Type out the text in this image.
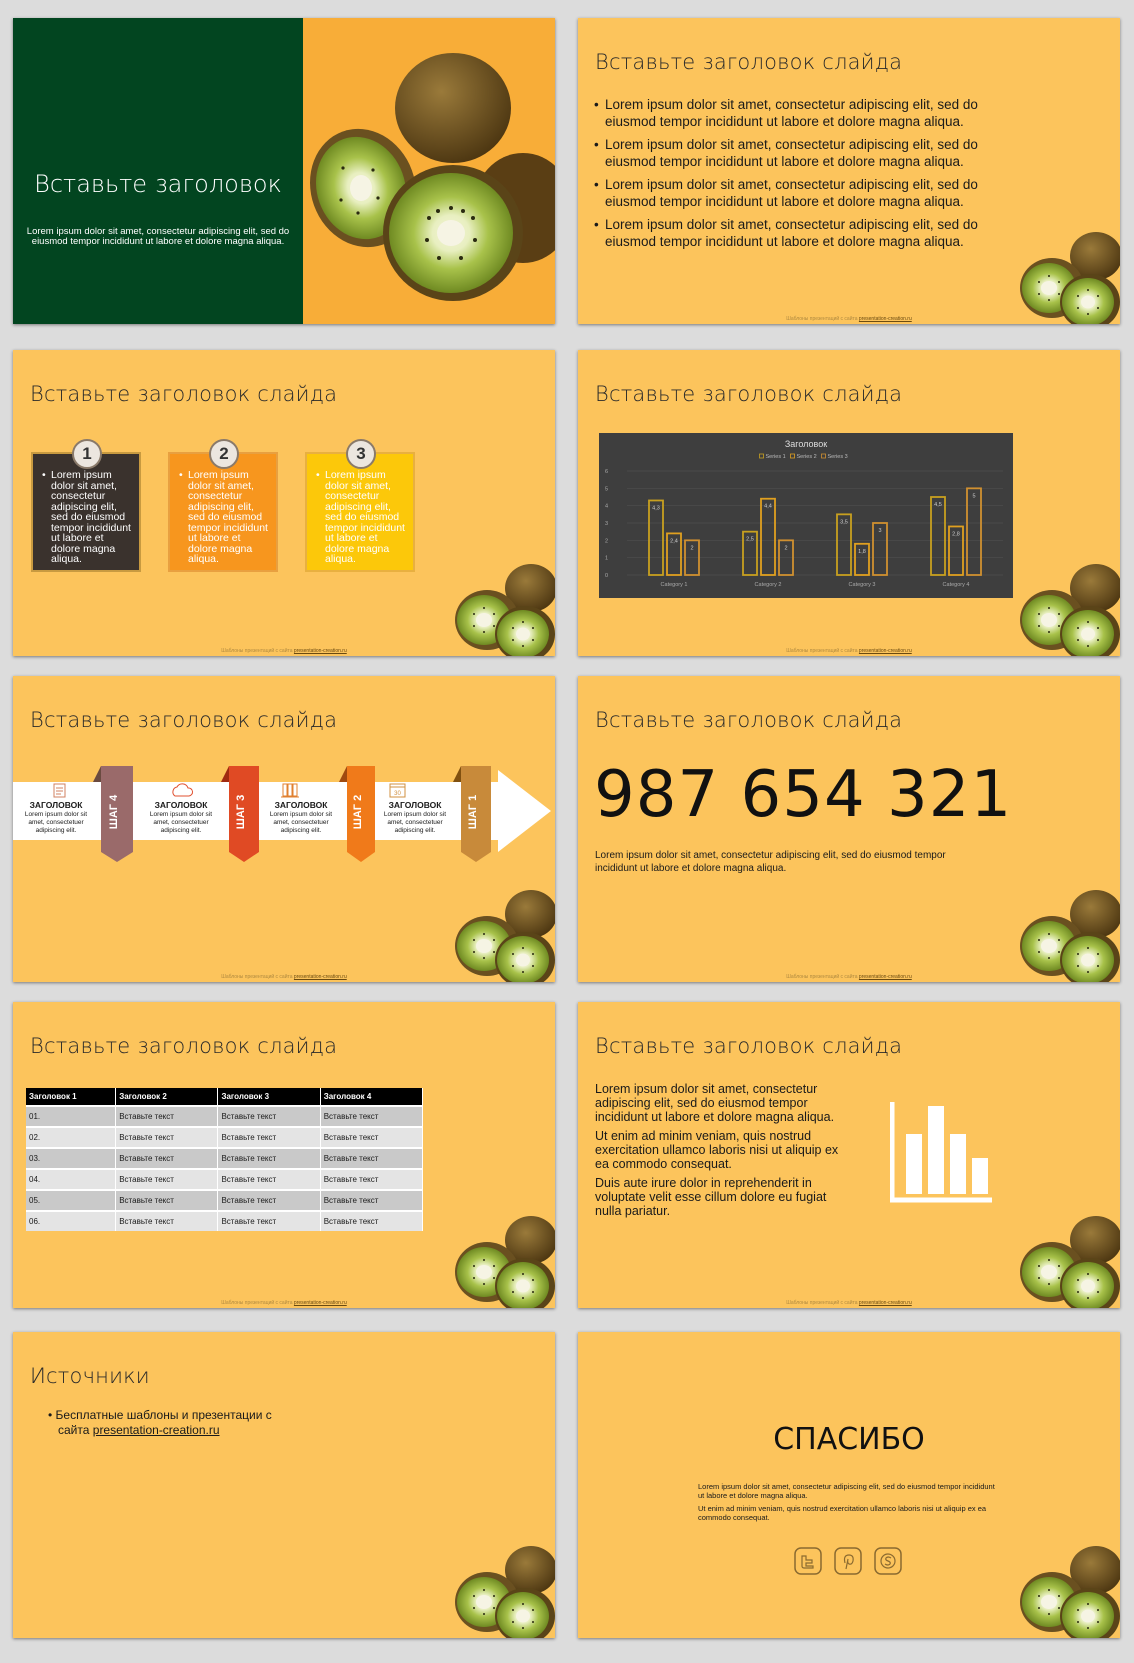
Вставьте заголовок
Lorem ipsum dolor sit amet, consectetur adipiscing elit, sed do eiusmod tempor incididunt ut labore et dolore magna aliqua.
Вставьте заголовок слайда
• Lorem ipsum dolor sit amet, consectetur adipiscing elit, sed do eiusmod tempor incididunt ut labore et dolore magna aliqua.
• Lorem ipsum dolor sit amet, consectetur adipiscing elit, sed do eiusmod tempor incididunt ut labore et dolore magna aliqua.
• Lorem ipsum dolor sit amet, consectetur adipiscing elit, sed do eiusmod tempor incididunt ut labore et dolore magna aliqua.
• Lorem ipsum dolor sit amet, consectetur adipiscing elit, sed do eiusmod tempor incididunt ut labore et dolore magna aliqua.
Шаблоны презентаций с сайта presentation-creation.ru
Вставьте заголовок слайда
1
• Lorem ipsum dolor sit amet, consectetur adipiscing elit, sed do eiusmod tempor incididunt ut labore et dolore magna aliqua.
2
• Lorem ipsum dolor sit amet, consectetur adipiscing elit, sed do eiusmod tempor incididunt ut labore et dolore magna aliqua.
3
• Lorem ipsum dolor sit amet, consectetur adipiscing elit, sed do eiusmod tempor incididunt ut labore et dolore magna aliqua.
Шаблоны презентаций с сайта presentation-creation.ru
Вставьте заголовок слайда
Заголовок
Series 1 Series 2 Series 3
0
1
2
3
4
5
6
4,3
2,4
2
2,5
4,4
2
3,5
1,8
3
4,5
2,8
5
Category 1	Category 2	Category 3	Category 4
Шаблоны презентаций с сайта presentation-creation.ru
Вставьте заголовок слайда
ШАГ 4	ШАГ 3	ШАГ 2	ШАГ 1
30
ЗАГОЛОВОК
Lorem ipsum dolor sit amet, consectetuer adipiscing elit.
ЗАГОЛОВОК
Lorem ipsum dolor sit amet, consectetuer adipiscing elit.
ЗАГОЛОВОК
Lorem ipsum dolor sit amet, consectetuer adipiscing elit.
ЗАГОЛОВОК
Lorem ipsum dolor sit amet, consectetuer adipiscing elit.
Шаблоны презентаций с сайта presentation-creation.ru
Вставьте заголовок слайда
987 654 321
Lorem ipsum dolor sit amet, consectetur adipiscing elit, sed do eiusmod tempor incididunt ut labore et dolore magna aliqua.
Шаблоны презентаций с сайта presentation-creation.ru
Вставьте заголовок слайда
Заголовок 1	Заголовок 2	Заголовок 3	Заголовок 4
01.	Вставьте текст	Вставьте текст	Вставьте текст
02.	Вставьте текст	Вставьте текст	Вставьте текст
03.	Вставьте текст	Вставьте текст	Вставьте текст
04.	Вставьте текст	Вставьте текст	Вставьте текст
05.	Вставьте текст	Вставьте текст	Вставьте текст
06.	Вставьте текст	Вставьте текст	Вставьте текст
Шаблоны презентаций с сайта presentation-creation.ru
Вставьте заголовок слайда

Lorem ipsum dolor sit amet, consectetur adipiscing elit, sed do eiusmod tempor incididunt ut labore et dolore magna aliqua.

Ut enim ad minim veniam, quis nostrud exercitation ullamco laboris nisi ut aliquip ex ea commodo consequat.

Duis aute irure dolor in reprehenderit in voluptate velit esse cillum dolore eu fugiat nulla pariatur.

Шаблоны презентаций с сайта presentation-creation.ru
Источники
• Бесплатные шаблоны и презентации с сайта presentation-creation.ru	СПАСИБО

Lorem ipsum dolor sit amet, consectetur adipiscing elit, sed do eiusmod tempor incididunt ut labore et dolore magna aliqua.

Ut enim ad minim veniam, quis nostrud exercitation ullamco laboris nisi ut aliquip ex ea commodo consequat.
